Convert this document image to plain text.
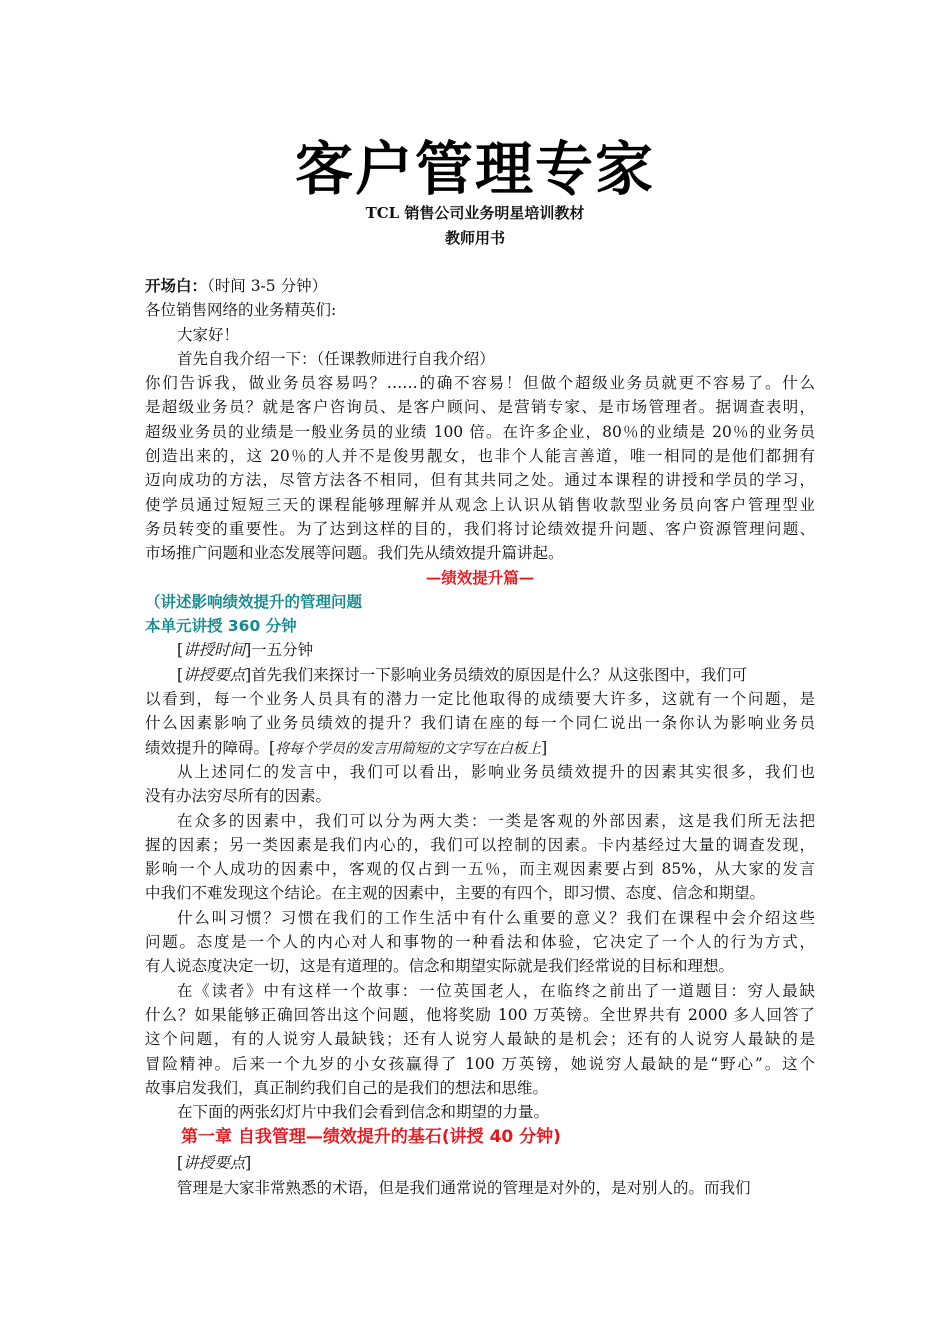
客户管理专家
TCL 销售公司业务明星培训教材
教师用书
开场白：（时间 3-5 分钟）
各位销售网络的业务精英们:
大家好！
首先自我介绍一下：（任课教师进行自我介绍）
你们告诉我，做业务员容易吗？……的确不容易！但做个超级业务员就更不容易了。什么
是超级业务员？就是客户咨询员、是客户顾问、是营销专家、是市场管理者。据调查表明，
超级业务员的业绩是一般业务员的业绩 100 倍。在许多企业，80％的业绩是 20％的业务员
创造出来的，这 20％的人并不是俊男靓女，也非个人能言善道，唯一相同的是他们都拥有
迈向成功的方法，尽管方法各不相同，但有其共同之处。通过本课程的讲授和学员的学习，
使学员通过短短三天的课程能够理解并从观念上认识从销售收款型业务员向客户管理型业
务员转变的重要性。为了达到这样的目的，我们将讨论绩效提升问题、客户资源管理问题、
市场推广问题和业态发展等问题。我们先从绩效提升篇讲起。
—绩效提升篇—
（讲述影响绩效提升的管理问题
本单元讲授 360 分钟
[讲授时间]一五分钟
[讲授要点]首先我们来探讨一下影响业务员绩效的原因是什么？从这张图中，我们可
以看到，每一个业务人员具有的潜力一定比他取得的成绩要大许多，这就有一个问题，是
什么因素影响了业务员绩效的提升？我们请在座的每一个同仁说出一条你认为影响业务员
绩效提升的障碍。[将每个学员的发言用简短的文字写在白板上]
从上述同仁的发言中，我们可以看出，影响业务员绩效提升的因素其实很多，我们也
没有办法穷尽所有的因素。
在众多的因素中，我们可以分为两大类：一类是客观的外部因素，这是我们所无法把
握的因素；另一类因素是我们内心的，我们可以控制的因素。卡内基经过大量的调查发现，
影响一个人成功的因素中，客观的仅占到一五％，而主观因素要占到 85%，从大家的发言
中我们不难发现这个结论。在主观的因素中，主要的有四个，即习惯、态度、信念和期望。
什么叫习惯？习惯在我们的工作生活中有什么重要的意义？我们在课程中会介绍这些
问题。态度是一个人的内心对人和事物的一种看法和体验，它决定了一个人的行为方式，
有人说态度决定一切，这是有道理的。信念和期望实际就是我们经常说的目标和理想。
在《读者》中有这样一个故事：一位英国老人，在临终之前出了一道题目：穷人最缺
什么？如果能够正确回答出这个问题，他将奖励 100 万英镑。全世界共有 2000 多人回答了
这个问题，有的人说穷人最缺钱；还有人说穷人最缺的是机会；还有的人说穷人最缺的是
冒险精神。后来一个九岁的小女孩赢得了 100 万英镑，她说穷人最缺的是“野心”。这个
故事启发我们，真正制约我们自己的是我们的想法和思维。
在下面的两张幻灯片中我们会看到信念和期望的力量。
第一章 自我管理—绩效提升的基石(讲授 40 分钟)
[讲授要点]
管理是大家非常熟悉的术语，但是我们通常说的管理是对外的，是对别人的。而我们
